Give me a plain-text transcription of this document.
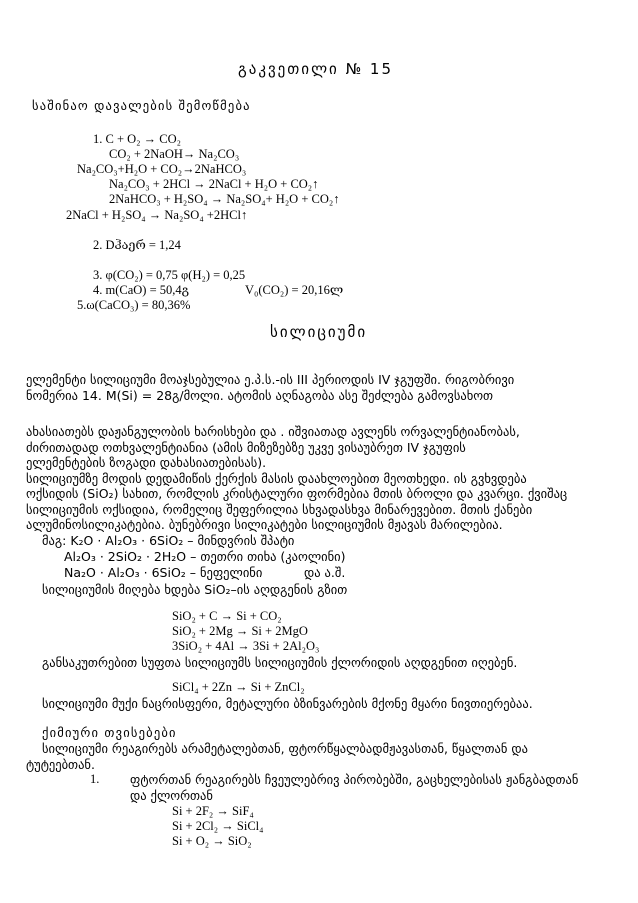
გაკვეთილი № 15
საშინაო დავალების შემოწმება
1. C + O₂ → CO₂
CO₂ + 2NaOH→ Na₂CO₃
Na₂CO₃+H₂O + CO₂→2NaHCO₃
Na₂CO₃ + 2HCl → 2NaCl + H₂O + CO₂↑
2NaHCO₃ + H₂SO₄ → Na₂SO₄+ H₂O + CO₂↑
2NaCl + H₂SO₄ → Na₂SO₄ +2HCl↑
2. Dჰაერ = 1,24
3. φ(CO₂) = 0,75 φ(H₂) = 0,25
4. m(CaO) = 50,4გ	V₀(CO₂) = 20,16ლ
5.ω(CaCO₃) = 80,36%
სილიციუმი
ელემენტი სილიციუმი მოაჯსებულია ე.პ.ს.-ის III პერიოდის IV ჯგუფში. რიგობრივი
ნომერია 14. M(Si) = 28გ/მოლი. ატომის აღნაგობა ასე შეძლება გამოვსახოთ
ახასიათებს დაჟანგულობის ხარისხები და . იშვიათად ავლენს ორვალენტიანობას,
ძირითადად ოთხვალენტიანია (ამის მიზეზებზე უკვე ვისაუბრეთ IV ჯგუფის
ელემენტების ზოგადი დახასიათებისას).
სილიციუმზე მოდის დედამიწის ქერქის მასის დაახლოებით მეოთხედი. ის გვხვდება
ოქსიდის (SiO₂) სახით, რომლის კრისტალური ფორმებია მთის ბროლი და კვარცი. ქვიშაც
სილიციუმის ოქსიდია, რომელიც შეფერილია სხვადასხვა მინარევებით. მთის ქანები
ალუმინოსილიკატებია. ბუნებრივი სილიკატები სილიციუმის მჟავას მარილებია.
მაგ: K₂O · Al₂O₃ · 6SiO₂ – მინდვრის შპატი
Al₂O₃ · 2SiO₂ · 2H₂O – თეთრი თიხა (კაოლინი)
Na₂O · Al₂O₃ · 6SiO₂ – ნეფელინი	და ა.შ.
სილიციუმის მიღება ხდება SiO₂–ის აღდგენის გზით
SiO₂ + C → Si + CO₂
SiO₂ + 2Mg → Si + 2MgO
3SiO₂ + 4Al → 3Si + 2Al₂O₃
განსაკუთრებით სუფთა სილიციუმს სილიციუმის ქლორიდის აღდგენით იღებენ.
SiCl₄ + 2Zn → Si + ZnCl₂
სილიციუმი მუქი ნაცრისფერი, მეტალური ბზინვარების მქონე მყარი ნივთიერებაა.
ქიმიური თვისებები
სილიციუმი რეაგირებს არამეტალებთან, ფტორწყალბადმჟავასთან, წყალთან და
ტუტეებთან.
1. ფტორთან რეაგირებს ჩვეულებრივ პირობებში, გაცხელებისას ჟანგბადთან
და ქლორთან
Si + 2F₂ → SiF₄
Si + 2Cl₂ → SiCl₄
Si + O₂ → SiO₂
